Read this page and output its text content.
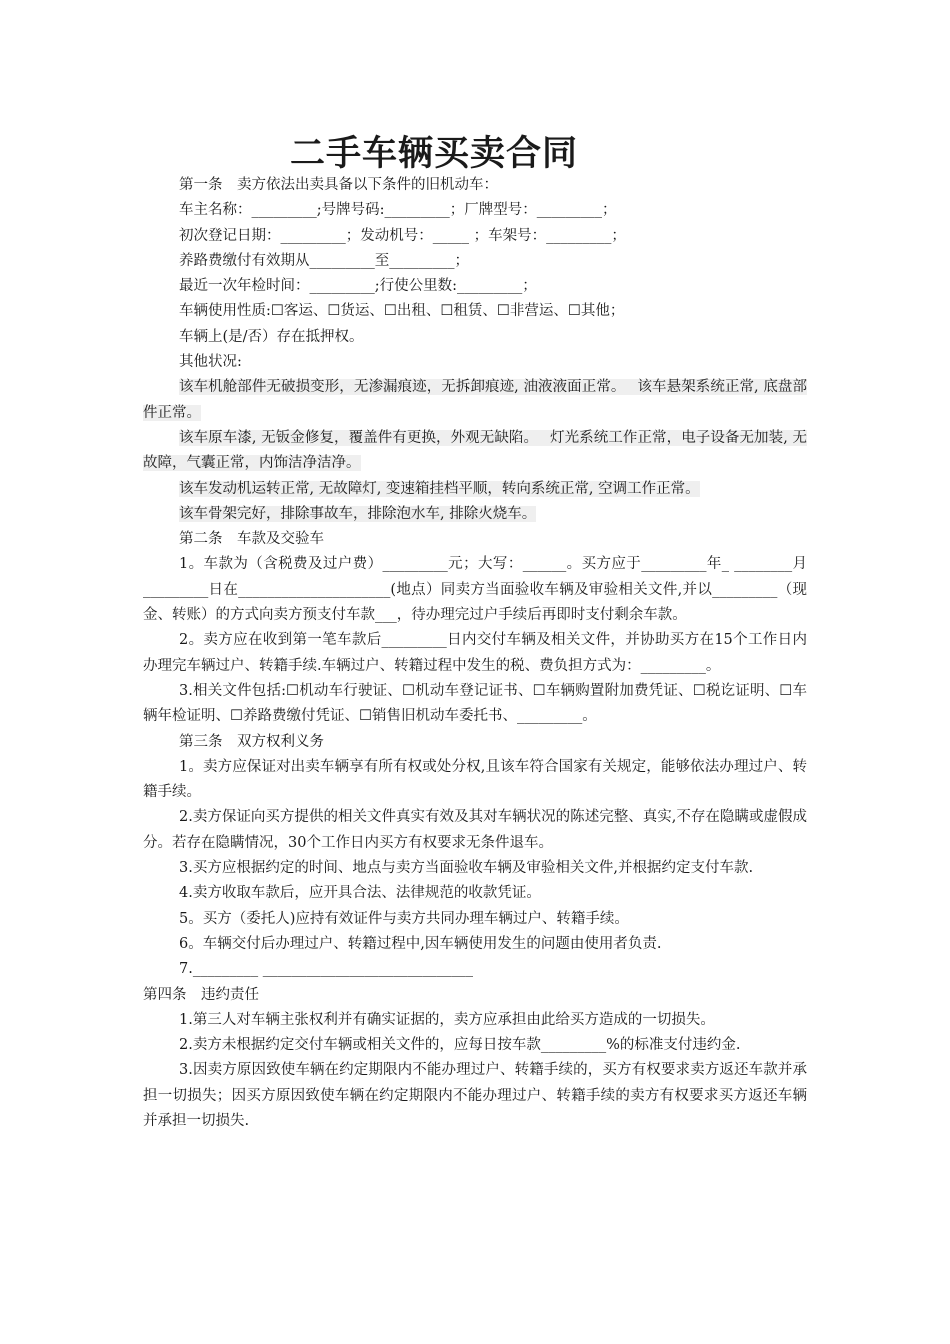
二手车辆买卖合同

第一条　卖方依法出卖具备以下条件的旧机动车：

车主名称：_________;号牌号码:_________；厂牌型号：_________；

初次登记日期：_________；发动机号：_____ ；车架号：_________；

养路费缴付有效期从_________至_________；

最近一次年检时间：_________;行使公里数:_________；

车辆使用性质:☐客运、☐货运、☐出租、☐租赁、☐非营运、☐其他；

车辆上(是/否）存在抵押权。

其他状况:

该车机舱部件无破损变形，无渗漏痕迹，无拆卸痕迹, 油液液面正常。　 该车悬架系统正常, 底盘部件正常。

该车原车漆, 无钣金修复，覆盖件有更换，外观无缺陷。　 灯光系统工作正常，电子设备无加装, 无故障，气囊正常，内饰洁净洁净。

该车发动机运转正常, 无故障灯, 变速箱挂档平顺，转向系统正常, 空调工作正常。

该车骨架完好，排除事故车，排除泡水车, 排除火烧车。

第二条　车款及交验车

1。车款为（含税费及过户费）_________元；大写：______。买方应于_________年_ ________月_________日在_____________________(地点）同卖方当面验收车辆及审验相关文件,并以_________（现金、转账）的方式向卖方预支付车款___，待办理完过户手续后再即时支付剩余车款。

2。卖方应在收到第一笔车款后_________日内交付车辆及相关文件，并协助买方在15个工作日内办理完车辆过户、转籍手续.车辆过户、转籍过程中发生的税、费负担方式为：_________。

3.相关文件包括:☐机动车行驶证、☐机动车登记证书、☐车辆购置附加费凭证、☐税讫证明、☐车辆年检证明、☐养路费缴付凭证、☐销售旧机动车委托书、_________。

第三条　双方权利义务

1。卖方应保证对出卖车辆享有所有权或处分权,且该车符合国家有关规定，能够依法办理过户、转籍手续。

2.卖方保证向买方提供的相关文件真实有效及其对车辆状况的陈述完整、真实,不存在隐瞒或虚假成分。若存在隐瞒情况，30个工作日内买方有权要求无条件退车。

3.买方应根据约定的时间、地点与卖方当面验收车辆及审验相关文件,并根据约定支付车款.

4.卖方收取车款后，应开具合法、法律规范的收款凭证。

5。买方（委托人)应持有效证件与卖方共同办理车辆过户、转籍手续。

6。车辆交付后办理过户、转籍过程中,因车辆使用发生的问题由使用者负责.

7._________ _____________________________

第四条　违约责任

1.第三人对车辆主张权利并有确实证据的，卖方应承担由此给买方造成的一切损失。

2.卖方未根据约定交付车辆或相关文件的，应每日按车款_________%的标准支付违约金.

3.因卖方原因致使车辆在约定期限内不能办理过户、转籍手续的，买方有权要求卖方返还车款并承担一切损失；因买方原因致使车辆在约定期限内不能办理过户、转籍手续的卖方有权要求买方返还车辆并承担一切损失.
